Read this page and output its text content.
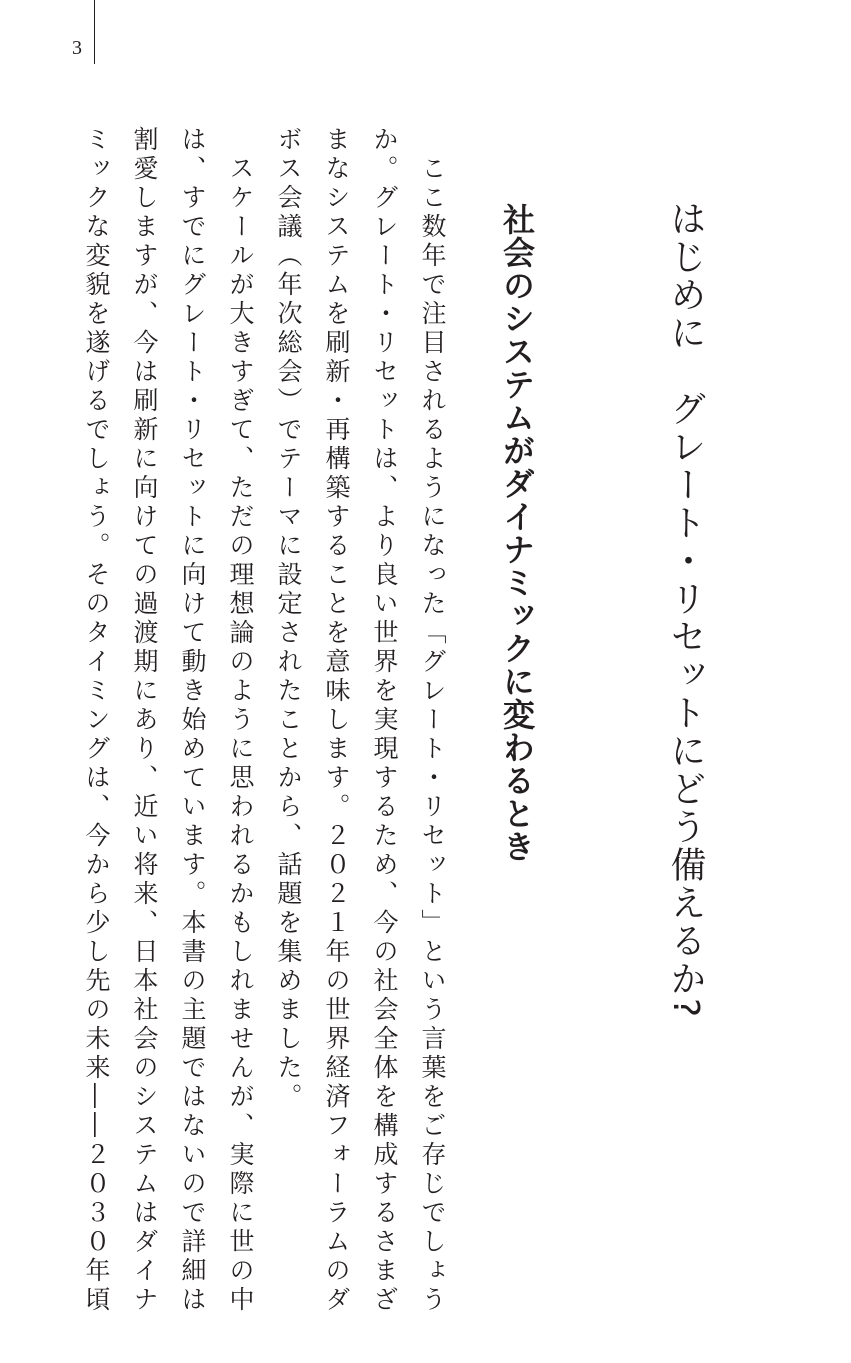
3
はじめに　グレート・リセットにどう備えるか?
社会のシステムがダイナミックに変わるとき
　ここ数年で注目されるようになった「グレート・リセット」という言葉をご存じでしょう
か。グレート・リセットは、より良い世界を実現するため、今の社会全体を構成するさまざ
まなシステムを刷新・再構築することを意味します。２０２１年の世界経済フォーラムのダ
ボス会議（年次総会）でテーマに設定されたことから、話題を集めました。
　スケールが大きすぎて、ただの理想論のように思われるかもしれませんが、実際に世の中
は、すでにグレート・リセットに向けて動き始めています。本書の主題ではないので詳細は
割愛しますが、今は刷新に向けての過渡期にあり、近い将来、日本社会のシステムはダイナ
ミックな変貌を遂げるでしょう。そのタイミングは、今から少し先の未来――２０３０年頃
